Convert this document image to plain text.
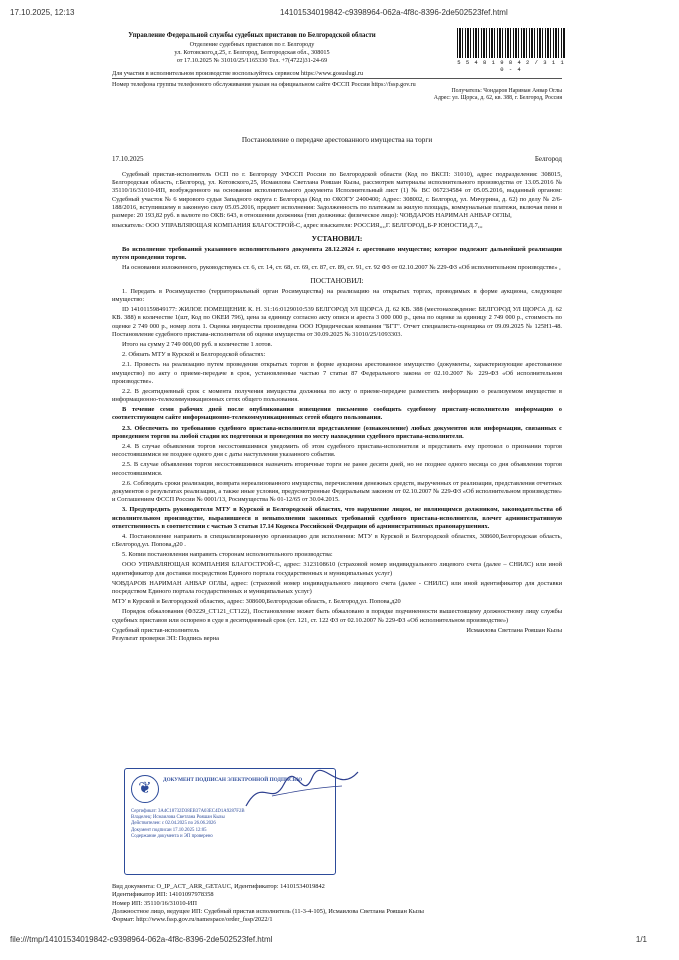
17.10.2025, 12:13	14101534019842-c9398964-062a-4f8c-8396-2de502523fef.html
Управление Федеральной службы судебных приставов по Белгородской области
Отделение судебных приставов по г. Белгороду
ул. Котовского,д.25, г. Белгород, Белгородская обл., 308015
от 17.10.2025 № 31010/25/1165330 Тел. +7(4722)31-24-69	5 5 4 8 1 9 8 4 2 / 3 1 1 0 - 4
Для участия в исполнительном производстве воспользуйтесь сервисом https://www.gosuslugi.ru
Номер телефона группы телефонного обслуживания указан на официальном сайте ФССП России https://fssp.gov.ru
Получатель: Чондаров Нариман Анвар Оглы
Адрес: ул. Щорса, д. 62, кв. 388, г. Белгород, Россия
Постановление о передаче арестованного имущества на торги
17.10.2025	Белгород

Судебный пристав-исполнитель ОСП по г. Белгороду УФССП России по Белгородской области (Код по ВКСП: 31010), адрес подразделения: 308015, Белгородская область, г.Белгород, ул. Котовского,25, Исмаилова Светлана Рояшан Кызы, рассмотрев материалы исполнительного производства от 13.05.2016 № 35110/16/31010-ИП, возбужденного на основании исполнительного документа Исполнительный лист (1) № ВС 067234584 от 05.05.2016, выданный органом: Судебный участок № 6 мирового судьи Западного округа г. Белгорода (Код по ОКОГУ 2400400; Адрес: 308002, г. Белгород, ул. Мичурина, д. 62) по делу № 2/6-188/2016, вступившему в законную силу 05.05.2016, предмет исполнения: Задолженность по платежам за жилую площадь, коммунальные платежи, включая пени в размере: 20 193,82 руб. в валюте по ОКВ: 643, в отношении должника (тип должника: физическое лицо): ЧОВДАРОВ НАРИМАН АНВАР ОГЛЫ,

взыскатель: ООО УПРАВЛЯЮЩАЯ КОМПАНИЯ БЛАГОСТРОЙ-С, адрес взыскателя: РОССИЯ,,,,Г. БЕЛГОРОД,,Б-Р ЮНОСТИ,Д.7,,,

УСТАНОВИЛ:

Во исполнение требований указанного исполнительного документа 28.12.2024 г. арестовано имущество; которое подлежит дальнейшей реализации путем проведения торгов.

На основании изложенного, руководствуясь ст. 6, ст. 14, ст. 68, ст. 69, ст. 87, ст. 89, ст. 91, ст. 92 ФЗ от 02.10.2007 № 229-ФЗ «Об исполнительном производстве» ,

ПОСТАНОВИЛ:

1. Передать в Росимущество (территориальный орган Росимущества) на реализацию на открытых торгах, проводимых в форме аукциона, следующее имущество:

ID 14101159849177: ЖИЛОЕ ПОМЕЩЕНИЕ К. Н. 31:16:0129010:539 БЕЛГОРОД УЛ ЩОРСА Д. 62 КВ. 388 (местонахождение: БЕЛГОРОД УЛ ЩОРСА Д. 62 КВ. 388) в количестве 1(шт, Код по ОКЕИ 796), цена за единицу согласно акту описи и ареста 3 000 000 р., цена по оценке за единицу 2 749 000 р., стоимость по оценке 2 749 000 р., номер лота 1. Оценка имущества произведена ООО Юридическая компания "БГТ". Отчет специалиста-оценщика от 09.09.2025 № 125Н1-48. Постановление судебного пристава-исполнителя об оценке имущества от 30.09.2025 № 31010/25/1093303.

Итого на сумму 2 749 000,00 руб. в количестве 1 лотов.

2. Обязать МТУ в Курской и Белгородской областях:

2.1. Провесть на реализацию путем проведения открытых торгов в форме аукциона арестованное имущество (документы, характеризующие арестованное имущество) по акту о приеме-передаче в срок, установленные частью 7 статьи 87 Федерального закона от 02.10.2007 № 229-ФЗ «Об исполнительном производстве».

2.2. В десятидневный срок с момента получения имущества должника по акту о приеме-передаче разместить информацию о реализуемом имуществе в информационно-телекоммуникационных сетях общего пользования.

В течение семи рабочих дней после опубликования извещения письменно сообщить судебному приставу-исполнителю информацию о соответствующем сайте информационно-телекоммуникационных сетей общего пользования.

2.3. Обеспечить по требованию судебного пристава-исполнителя представление (ознакомление) любых документов или информации, связанных с проведением торгов на любой стадии их подготовки и проведения по месту нахождения судебного пристава-исполнителя.

2.4. В случае объявления торгов несостоявшимися уведомить об этом судебного пристава-исполнителя и представить ему протокол о признании торгов несостоявшимися не позднее одного дня с даты наступления указанного события.

2.5. В случае объявления торгов несостоявшимися назначить вторичные торги не ранее десяти дней, но не позднее одного месяца со дня объявления торгов несостоявшимися.

2.6. Соблюдать сроки реализации, возврата нереализованного имущества, перечисления денежных средств, вырученных от реализации, представления отчетных документов о результатах реализации, а также иные условия, предусмотренные Федеральным законом от 02.10.2007 № 229-ФЗ «Об исполнительном производстве» и Соглашением ФССП России № 0001/13, Росимущества № 01-12/65 от 30.04.2015.

3. Предупредить руководителя МТУ в Курской и Белгородской областях, что нарушение лицом, не являющимся должником, законодательства об исполнительном производстве, выразившееся в невыполнении законных требований судебного пристава-исполнителя, влечет административную ответственность в соответствии с частью 3 статьи 17.14 Кодекса Российской Федерации об административных правонарушениях.

4. Постановление направить в специализированную организацию для исполнения: МТУ в Курской и Белгородской областях, 308600,Белгородская область, г.Белгород,ул. Попова,д20 .

5. Копии постановления направить сторонам исполнительного производства:

ООО УПРАВЛЯЮЩАЯ КОМПАНИЯ БЛАГОСТРОЙ-С, адрес: 3123108610 (страховой номер индивидуального лицевого счета (далее – СНИЛС) или иной идентификатор для доставки посредством Единого портала государственных и муниципальных услуг)

ЧОВДАРОВ НАРИМАН АНВАР ОГЛЫ, адрес: (страховой номер индивидуального лицевого счета (далее - СНИЛС) или иной идентификатор для доставки посредством Единого портала государственных и муниципальных услуг)

МТУ в Курской и Белгородской областях, адрес: 308600,Белгородская область, г. Белгород,ул. Попова,д20

Порядок обжалования (ФЗ229_СТ121_СТ122), Постановление может быть обжаловано в порядке подчиненности вышестоящему должностному лицу службы судебных приставов или оспорено в суде в десятидневный срок (ст. 121, ст. 122 ФЗ от 02.10.2007 № 229-ФЗ «Об исполнительном производстве»)

Судебный пристав-исполнитель	Исмаилова Светлана Рояшан Кызы
Результат проверки ЭП: Подпись верна
❦	ДОКУМЕНТ ПОДПИСАН ЭЛЕКТРОННОЙ ПОДПИСЬЮ
Сертификат: 3A4C18732D38EB37A03EC4D1A9287F2B
Владелец: Исмаилова Светлана Рояшан Кызы
Действителен: с 02.04.2025 по 26.06.2026
Документ подписан 17.10.2025 12:05
Содержание документа и ЭП проверено
Вид документа: O_IP_ACT_ARR_GETAUC, Идентификатор: 14101534019842
Идентификатор ИП: 14101097978358
Номер ИП: 35110/16/31010-ИП
Должностное лицо, ведущее ИП: Судебный пристав исполнитель (11-3-4-105), Исмаилова Светлана Рояшан Кызы
Формат: http://www.fssp.gov.ru/namespace/order_fssp/2022/1
file:///tmp/14101534019842-c9398964-062a-4f8c-8396-2de502523fef.html	1/1
